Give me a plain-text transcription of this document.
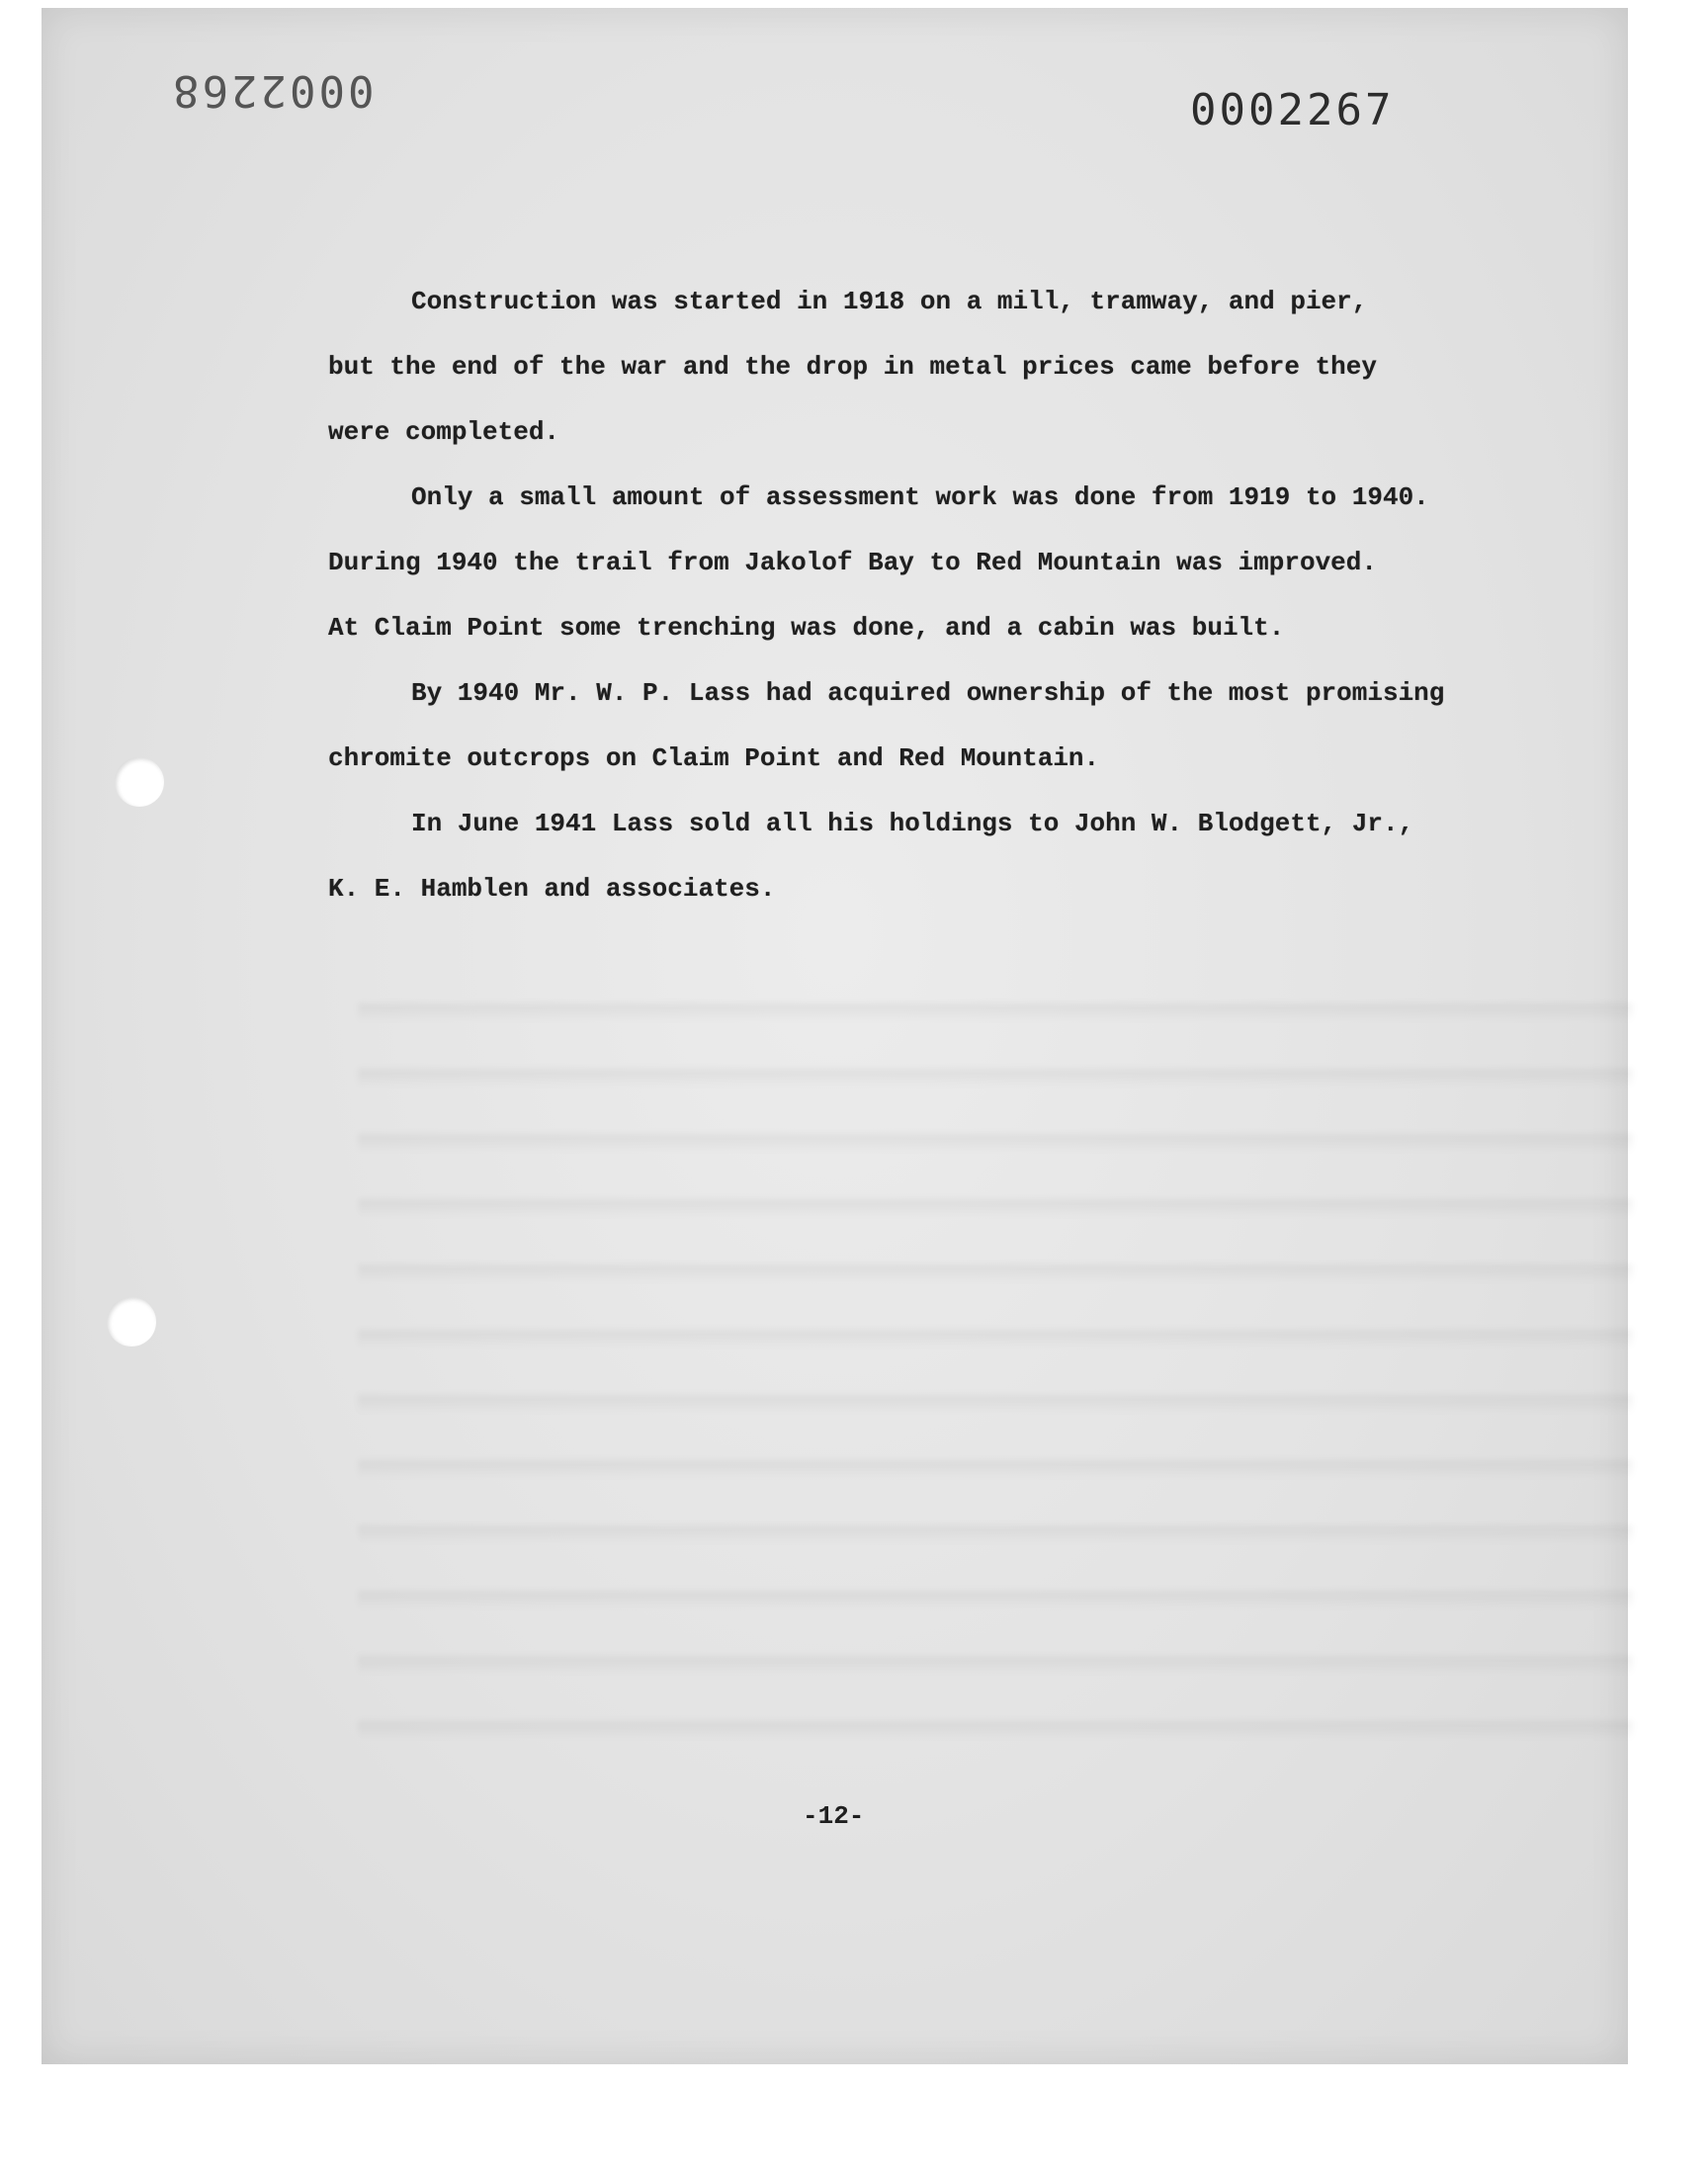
0002268	0002267
Construction was started in 1918 on a mill, tramway, and pier,
but the end of the war and the drop in metal prices came before they
were completed.
Only a small amount of assessment work was done from 1919 to 1940.
During 1940 the trail from Jakolof Bay to Red Mountain was improved.
At Claim Point some trenching was done, and a cabin was built.
By 1940 Mr. W. P. Lass had acquired ownership of the most promising
chromite outcrops on Claim Point and Red Mountain.
In June 1941 Lass sold all his holdings to John W. Blodgett, Jr.,
K. E. Hamblen and associates.
-12-
